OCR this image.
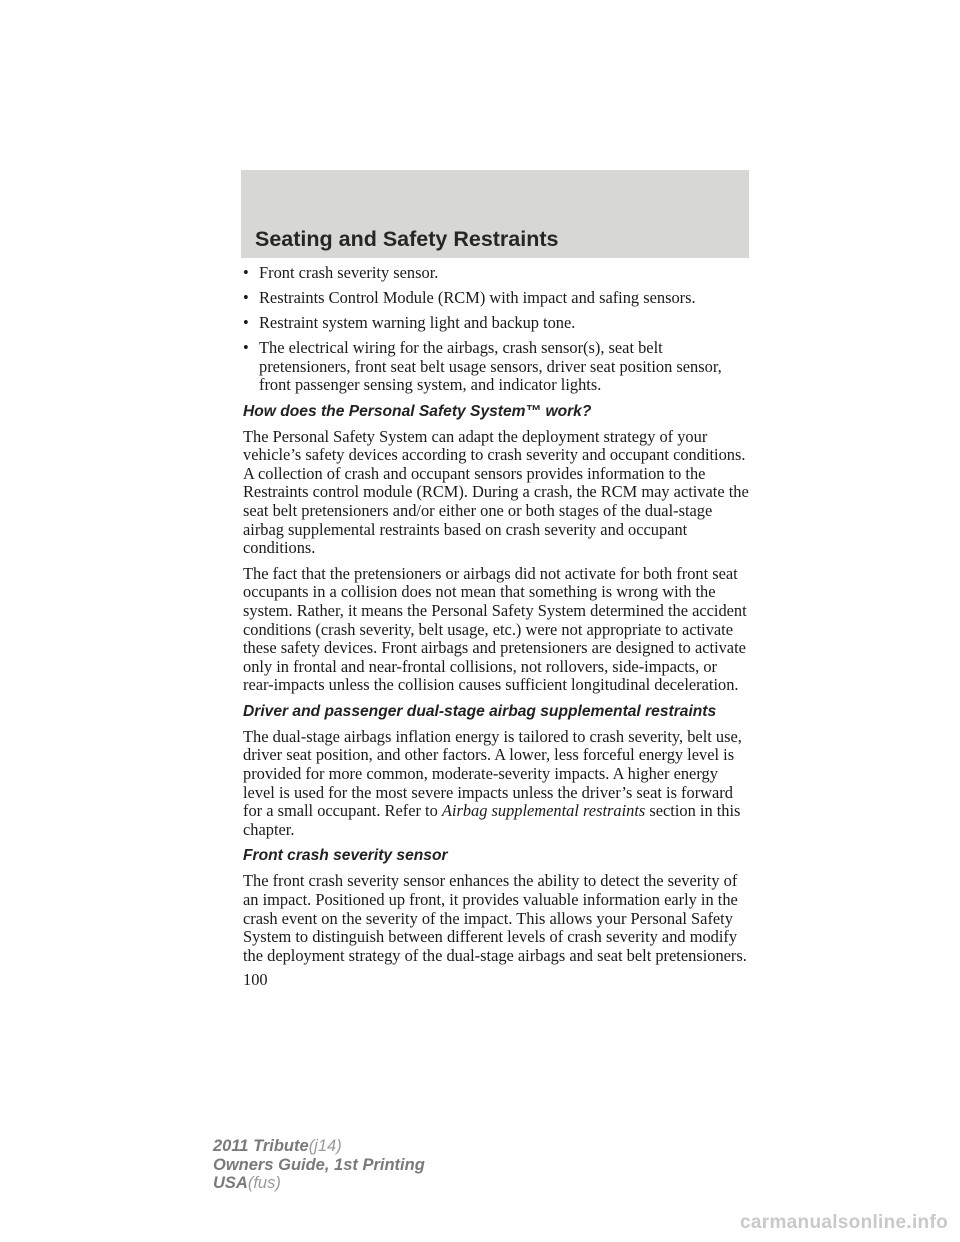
Seating and Safety Restraints
• Front crash severity sensor.
• Restraints Control Module (RCM) with impact and safing sensors.
• Restraint system warning light and backup tone.
• The electrical wiring for the airbags, crash sensor(s), seat belt pretensioners, front seat belt usage sensors, driver seat position sensor, front passenger sensing system, and indicator lights.
How does the Personal Safety System™ work?

The Personal Safety System can adapt the deployment strategy of your vehicle’s safety devices according to crash severity and occupant conditions. A collection of crash and occupant sensors provides information to the Restraints control module (RCM). During a crash, the RCM may activate the seat belt pretensioners and/or either one or both stages of the dual-stage airbag supplemental restraints based on crash severity and occupant conditions.

The fact that the pretensioners or airbags did not activate for both front seat occupants in a collision does not mean that something is wrong with the system. Rather, it means the Personal Safety System determined the accident conditions (crash severity, belt usage, etc.) were not appropriate to activate these safety devices. Front airbags and pretensioners are designed to activate only in frontal and near-frontal collisions, not rollovers, side-impacts, or rear-impacts unless the collision causes sufficient longitudinal deceleration.

Driver and passenger dual-stage airbag supplemental restraints

The dual-stage airbags inflation energy is tailored to crash severity, belt use, driver seat position, and other factors. A lower, less forceful energy level is provided for more common, moderate-severity impacts. A higher energy level is used for the most severe impacts unless the driver’s seat is forward for a small occupant. Refer to Airbag supplemental restraints section in this chapter.

Front crash severity sensor

The front crash severity sensor enhances the ability to detect the severity of an impact. Positioned up front, it provides valuable information early in the crash event on the severity of the impact. This allows your Personal Safety System to distinguish between different levels of crash severity and modify the deployment strategy of the dual-stage airbags and seat belt pretensioners.

100

2011 Tribute(j14)
Owners Guide, 1st Printing
USA(fus)
carmanualsonline.info
